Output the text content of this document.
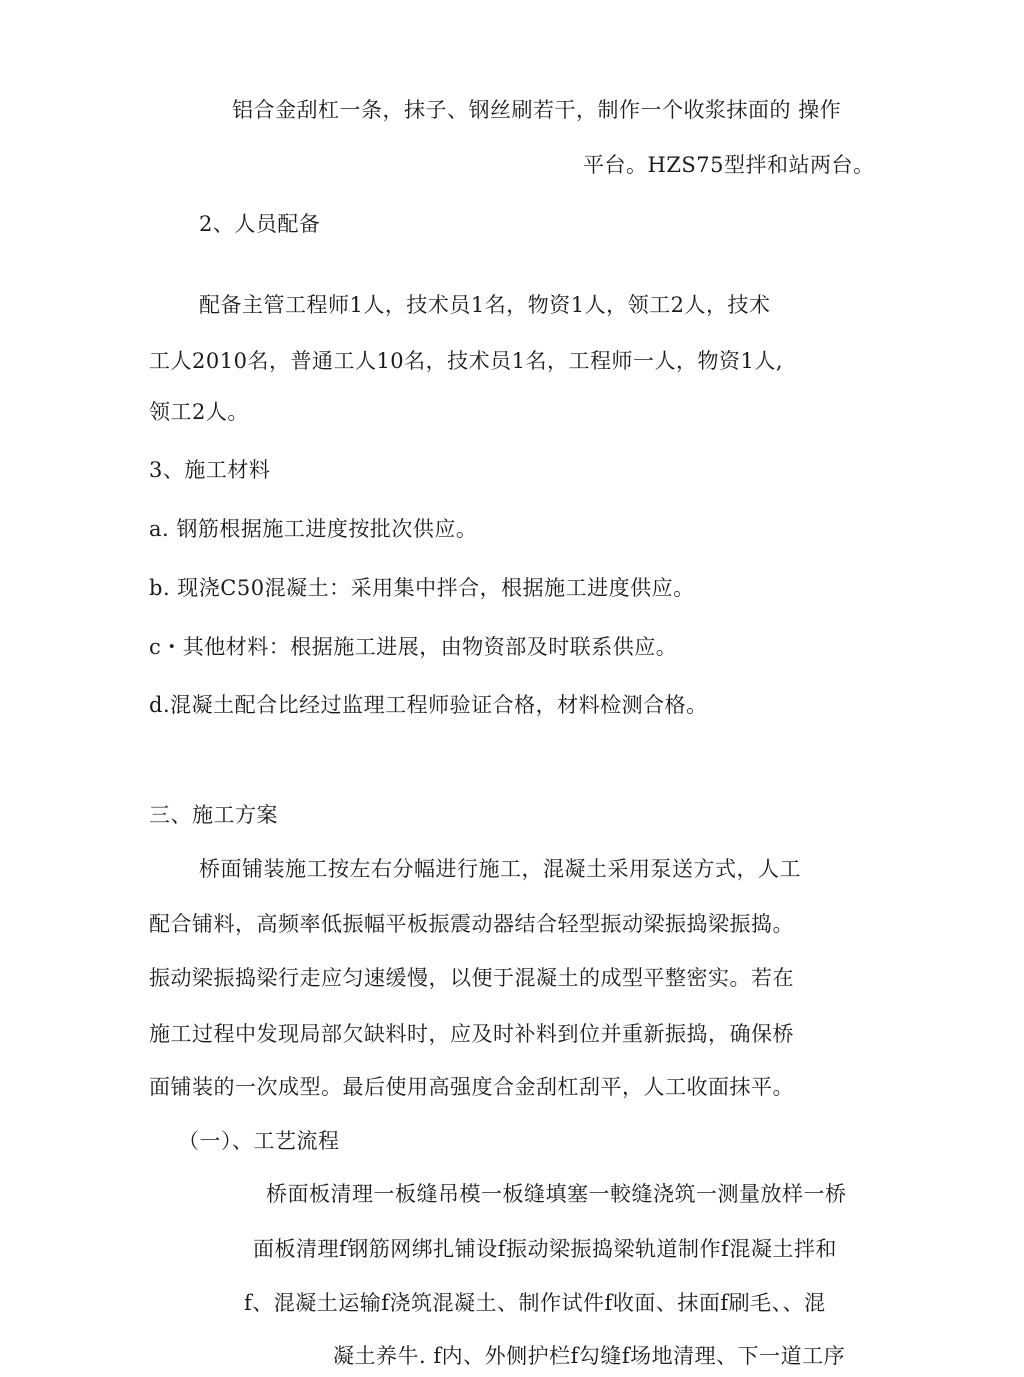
铝合金刮杠一条，抹子、钢丝刷若干，制作一个收浆抹面的 操作
平台。HZS75型拌和站两台。
2、人员配备
配备主管工程师1人，技术员1名，物资1人，领工2人，技术
工人2010名，普通工人10名，技术员1名，工程师一人，物资1人,
领工2人。
3、施工材料
a. 钢筋根据施工进度按批次供应。
b. 现浇C50混凝土：采用集中拌合，根据施工进度供应。
c・其他材料：根据施工进展，由物资部及时联系供应。
d.混凝土配合比经过监理工程师验证合格，材料检测合格。
三、施工方案
桥面铺装施工按左右分幅进行施工，混凝土采用泵送方式，人工
配合铺料，高频率低振幅平板振震动器结合轻型振动梁振捣梁振捣。
振动梁振捣梁行走应匀速缓慢，以便于混凝土的成型平整密实。若在
施工过程中发现局部欠缺料时，应及时补料到位并重新振捣，确保桥
面铺装的一次成型。最后使用高强度合金刮杠刮平，人工收面抹平。
（一）、工艺流程
桥面板清理一板缝吊模一板缝填塞一較缝浇筑一测量放样一桥
面板清理f钢筋网绑扎铺设f振动梁振捣梁轨道制作f混凝土拌和
f、混凝土运输f浇筑混凝土、制作试件f收面、抹面f刷毛、、混
凝土养牛. f内、外侧护栏f勾缝f场地清理、下一道工序
